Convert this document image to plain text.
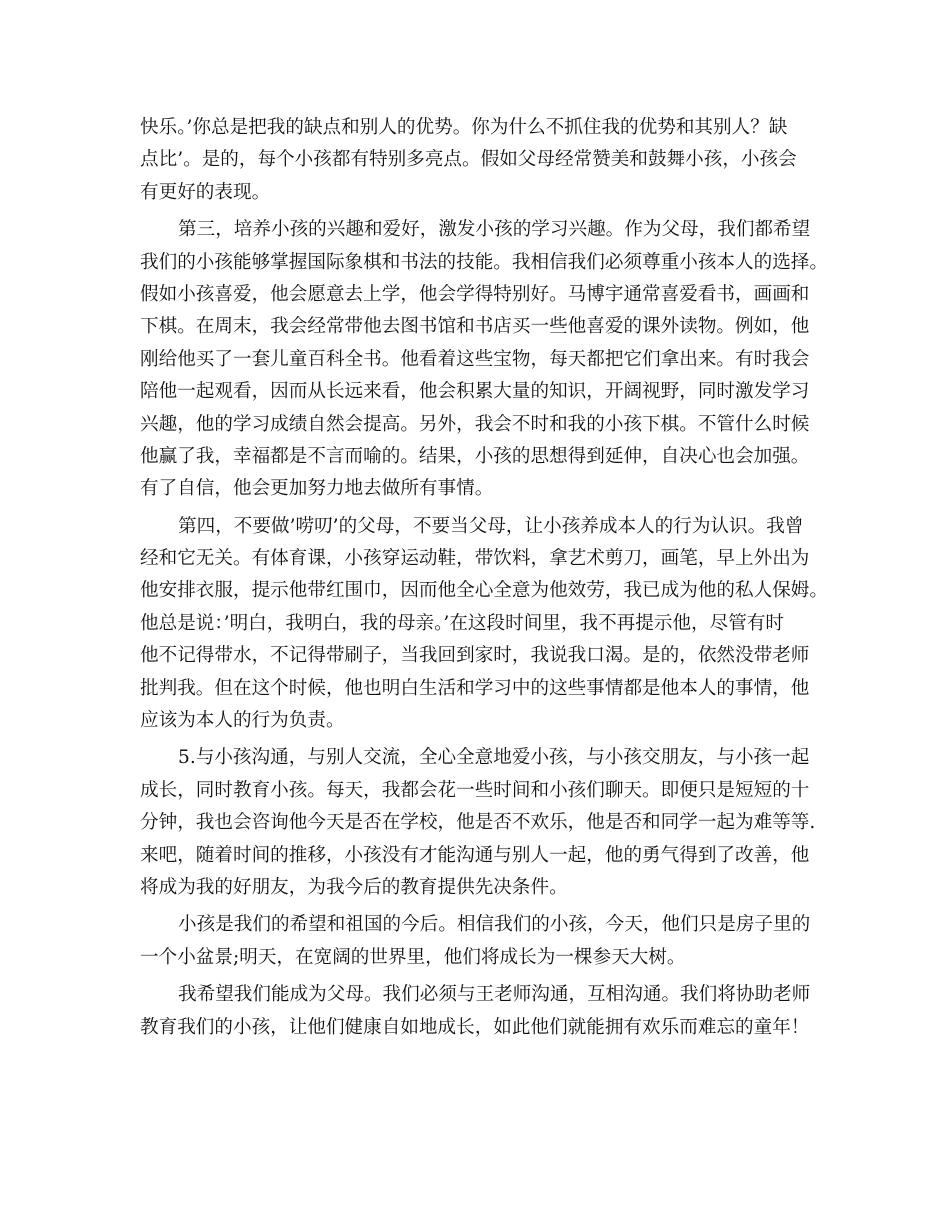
快乐。’你总是把我的缺点和别人的优势。你为什么不抓住我的优势和其别人？缺
点比’。是的，每个小孩都有特别多亮点。假如父母经常赞美和鼓舞小孩，小孩会
有更好的表现。
第三，培养小孩的兴趣和爱好，激发小孩的学习兴趣。作为父母，我们都希望
我们的小孩能够掌握国际象棋和书法的技能。我相信我们必须尊重小孩本人的选择。
假如小孩喜爱，他会愿意去上学，他会学得特别好。马博宇通常喜爱看书，画画和
下棋。在周末，我会经常带他去图书馆和书店买一些他喜爱的课外读物。例如，他
刚给他买了一套儿童百科全书。他看着这些宝物，每天都把它们拿出来。有时我会
陪他一起观看，因而从长远来看，他会积累大量的知识，开阔视野，同时激发学习
兴趣，他的学习成绩自然会提高。另外，我会不时和我的小孩下棋。不管什么时候
他赢了我，幸福都是不言而喻的。结果，小孩的思想得到延伸，自决心也会加强。
有了自信，他会更加努力地去做所有事情。
第四，不要做’唠叨’的父母，不要当父母，让小孩养成本人的行为认识。我曾
经和它无关。有体育课，小孩穿运动鞋，带饮料，拿艺术剪刀，画笔，早上外出为
他安排衣服，提示他带红围巾，因而他全心全意为他效劳，我已成为他的私人保姆。
他总是说：’明白，我明白，我的母亲。’在这段时间里，我不再提示他，尽管有时
他不记得带水，不记得带刷子，当我回到家时，我说我口渴。是的，依然没带老师
批判我。但在这个时候，他也明白生活和学习中的这些事情都是他本人的事情，他
应该为本人的行为负责。
5.与小孩沟通，与别人交流，全心全意地爱小孩，与小孩交朋友，与小孩一起
成长，同时教育小孩。每天，我都会花一些时间和小孩们聊天。即便只是短短的十
分钟，我也会咨询他今天是否在学校，他是否不欢乐，他是否和同学一起为难等等.
来吧，随着时间的推移，小孩没有才能沟通与别人一起，他的勇气得到了改善，他
将成为我的好朋友，为我今后的教育提供先决条件。
小孩是我们的希望和祖国的今后。相信我们的小孩，今天，他们只是房子里的
一个小盆景;明天，在宽阔的世界里，他们将成长为一棵参天大树。
我希望我们能成为父母。我们必须与王老师沟通，互相沟通。我们将协助老师
教育我们的小孩，让他们健康自如地成长，如此他们就能拥有欢乐而难忘的童年！
